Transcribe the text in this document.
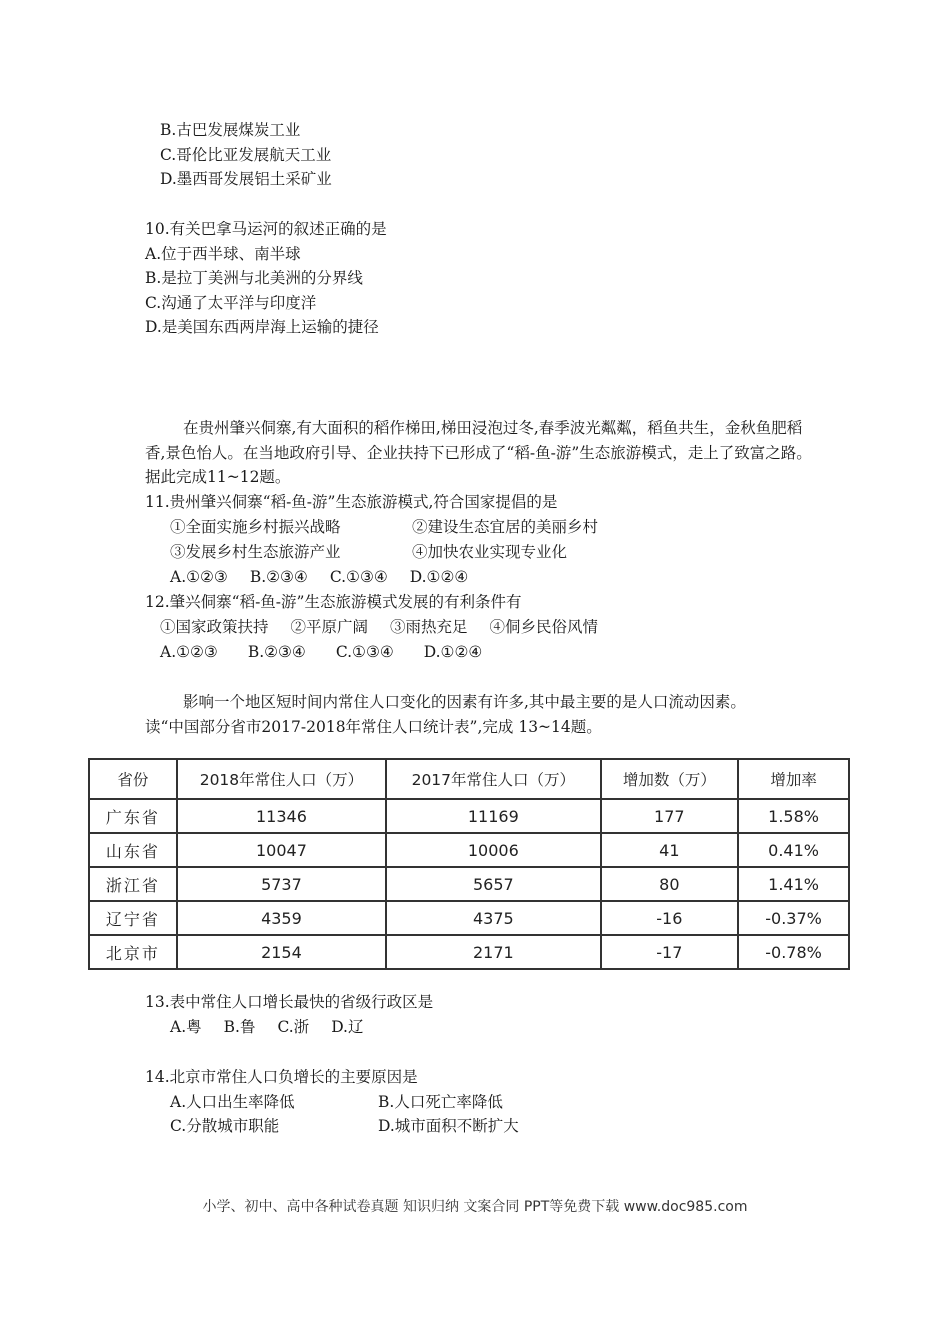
B.古巴发展煤炭工业
C.哥伦比亚发展航天工业
D.墨西哥发展铝土采矿业
10.有关巴拿马运河的叙述正确的是
A.位于西半球、南半球
B.是拉丁美洲与北美洲的分界线
C.沟通了太平洋与印度洋
D.是美国东西两岸海上运输的捷径
在贵州肇兴侗寨,有大面积的稻作梯田,梯田浸泡过冬,春季波光粼粼，稻鱼共生，金秋鱼肥稻香,景色怡人。在当地政府引导、企业扶持下已形成了“稻-鱼-游”生态旅游模式，走上了致富之路。据此完成11~12题。
11.贵州肇兴侗寨“稻-鱼-游”生态旅游模式,符合国家提倡的是
①全面实施乡村振兴战略	②建设生态宜居的美丽乡村
③发展乡村生态旅游产业	④加快农业实现专业化
A.①②③ B.②③④ C.①③④ D.①②④
12.肇兴侗寨“稻-鱼-游”生态旅游模式发展的有利条件有
①国家政策扶持 ②平原广阔 ③雨热充足 ④侗乡民俗风情
A.①②③ B.②③④ C.①③④ D.①②④
影响一个地区短时间内常住人口变化的因素有许多,其中最主要的是人口流动因素。
读“中国部分省市2017-2018年常住人口统计表”,完成 13~14题。
省份	2018年常住人口（万）	2017年常住人口（万）	增加数（万）	增加率
广东省	11346	11169	177	1.58%
山东省	10047	10006	41	0.41%
浙江省	5737	5657	80	1.41%
辽宁省	4359	4375	-16	-0.37%
北京市	2154	2171	-17	-0.78%
13.表中常住人口增长最快的省级行政区是
A.粤 B.鲁 C.浙 D.辽
14.北京市常住人口负增长的主要原因是
A.人口出生率降低	B.人口死亡率降低
C.分散城市职能	D.城市面积不断扩大
小学、初中、高中各种试卷真题 知识归纳 文案合同 PPT等免费下载 www.doc985.com
